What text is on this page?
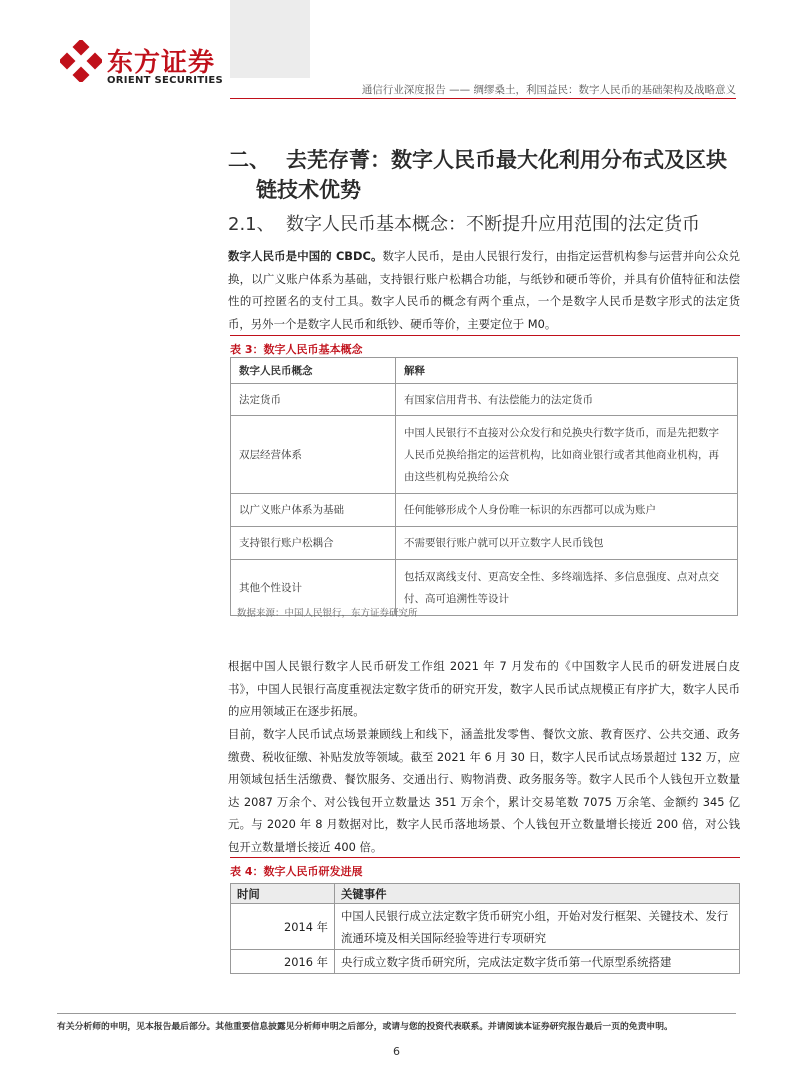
东方证券
ORIENT SECURITIES
通信行业深度报告 —— 绸缪桑土，利国益民：数字人民币的基础架构及战略意义
二、 去芜存菁：数字人民币最大化利用分布式及区块
链技术优势
2.1、 数字人民币基本概念：不断提升应用范围的法定货币
数字人民币是中国的 CBDC。数字人民币，是由人民银行发行，由指定运营机构参与运营并向公众兑换，以广义账户体系为基础，支持银行账户松耦合功能，与纸钞和硬币等价，并具有价值特征和法偿性的可控匿名的支付工具。数字人民币的概念有两个重点，一个是数字人民币是数字形式的法定货币，另外一个是数字人民币和纸钞、硬币等价，主要定位于 M0。
表 3：数字人民币基本概念
数字人民币概念	解释
法定货币	有国家信用背书、有法偿能力的法定货币
双层经营体系	中国人民银行不直接对公众发行和兑换央行数字货币，而是先把数字人民币兑换给指定的运营机构，比如商业银行或者其他商业机构，再由这些机构兑换给公众
以广义账户体系为基础	任何能够形成个人身份唯一标识的东西都可以成为账户
支持银行账户松耦合	不需要银行账户就可以开立数字人民币钱包
其他个性设计	包括双离线支付、更高安全性、多终端选择、多信息强度、点对点交付、高可追溯性等设计
数据来源：中国人民银行，东方证券研究所
根据中国人民银行数字人民币研发工作组 2021 年 7 月发布的《中国数字人民币的研发进展白皮书》，中国人民银行高度重视法定数字货币的研究开发，数字人民币试点规模正有序扩大，数字人民币的应用领域正在逐步拓展。
目前，数字人民币试点场景兼顾线上和线下，涵盖批发零售、餐饮文旅、教育医疗、公共交通、政务缴费、税收征缴、补贴发放等领域。截至 2021 年 6 月 30 日，数字人民币试点场景超过 132 万，应用领域包括生活缴费、餐饮服务、交通出行、购物消费、政务服务等。数字人民币个人钱包开立数量达 2087 万余个、对公钱包开立数量达 351 万余个，累计交易笔数 7075 万余笔、金额约 345 亿元。与 2020 年 8 月数据对比，数字人民币落地场景、个人钱包开立数量增长接近 200 倍，对公钱包开立数量增长接近 400 倍。
表 4：数字人民币研发进展
时间	关键事件
2014 年	中国人民银行成立法定数字货币研究小组，开始对发行框架、关键技术、发行流通环境及相关国际经验等进行专项研究
2016 年	央行成立数字货币研究所，完成法定数字货币第一代原型系统搭建
有关分析师的申明，见本报告最后部分。其他重要信息披露见分析师申明之后部分，或请与您的投资代表联系。并请阅读本证券研究报告最后一页的免责申明。
6
